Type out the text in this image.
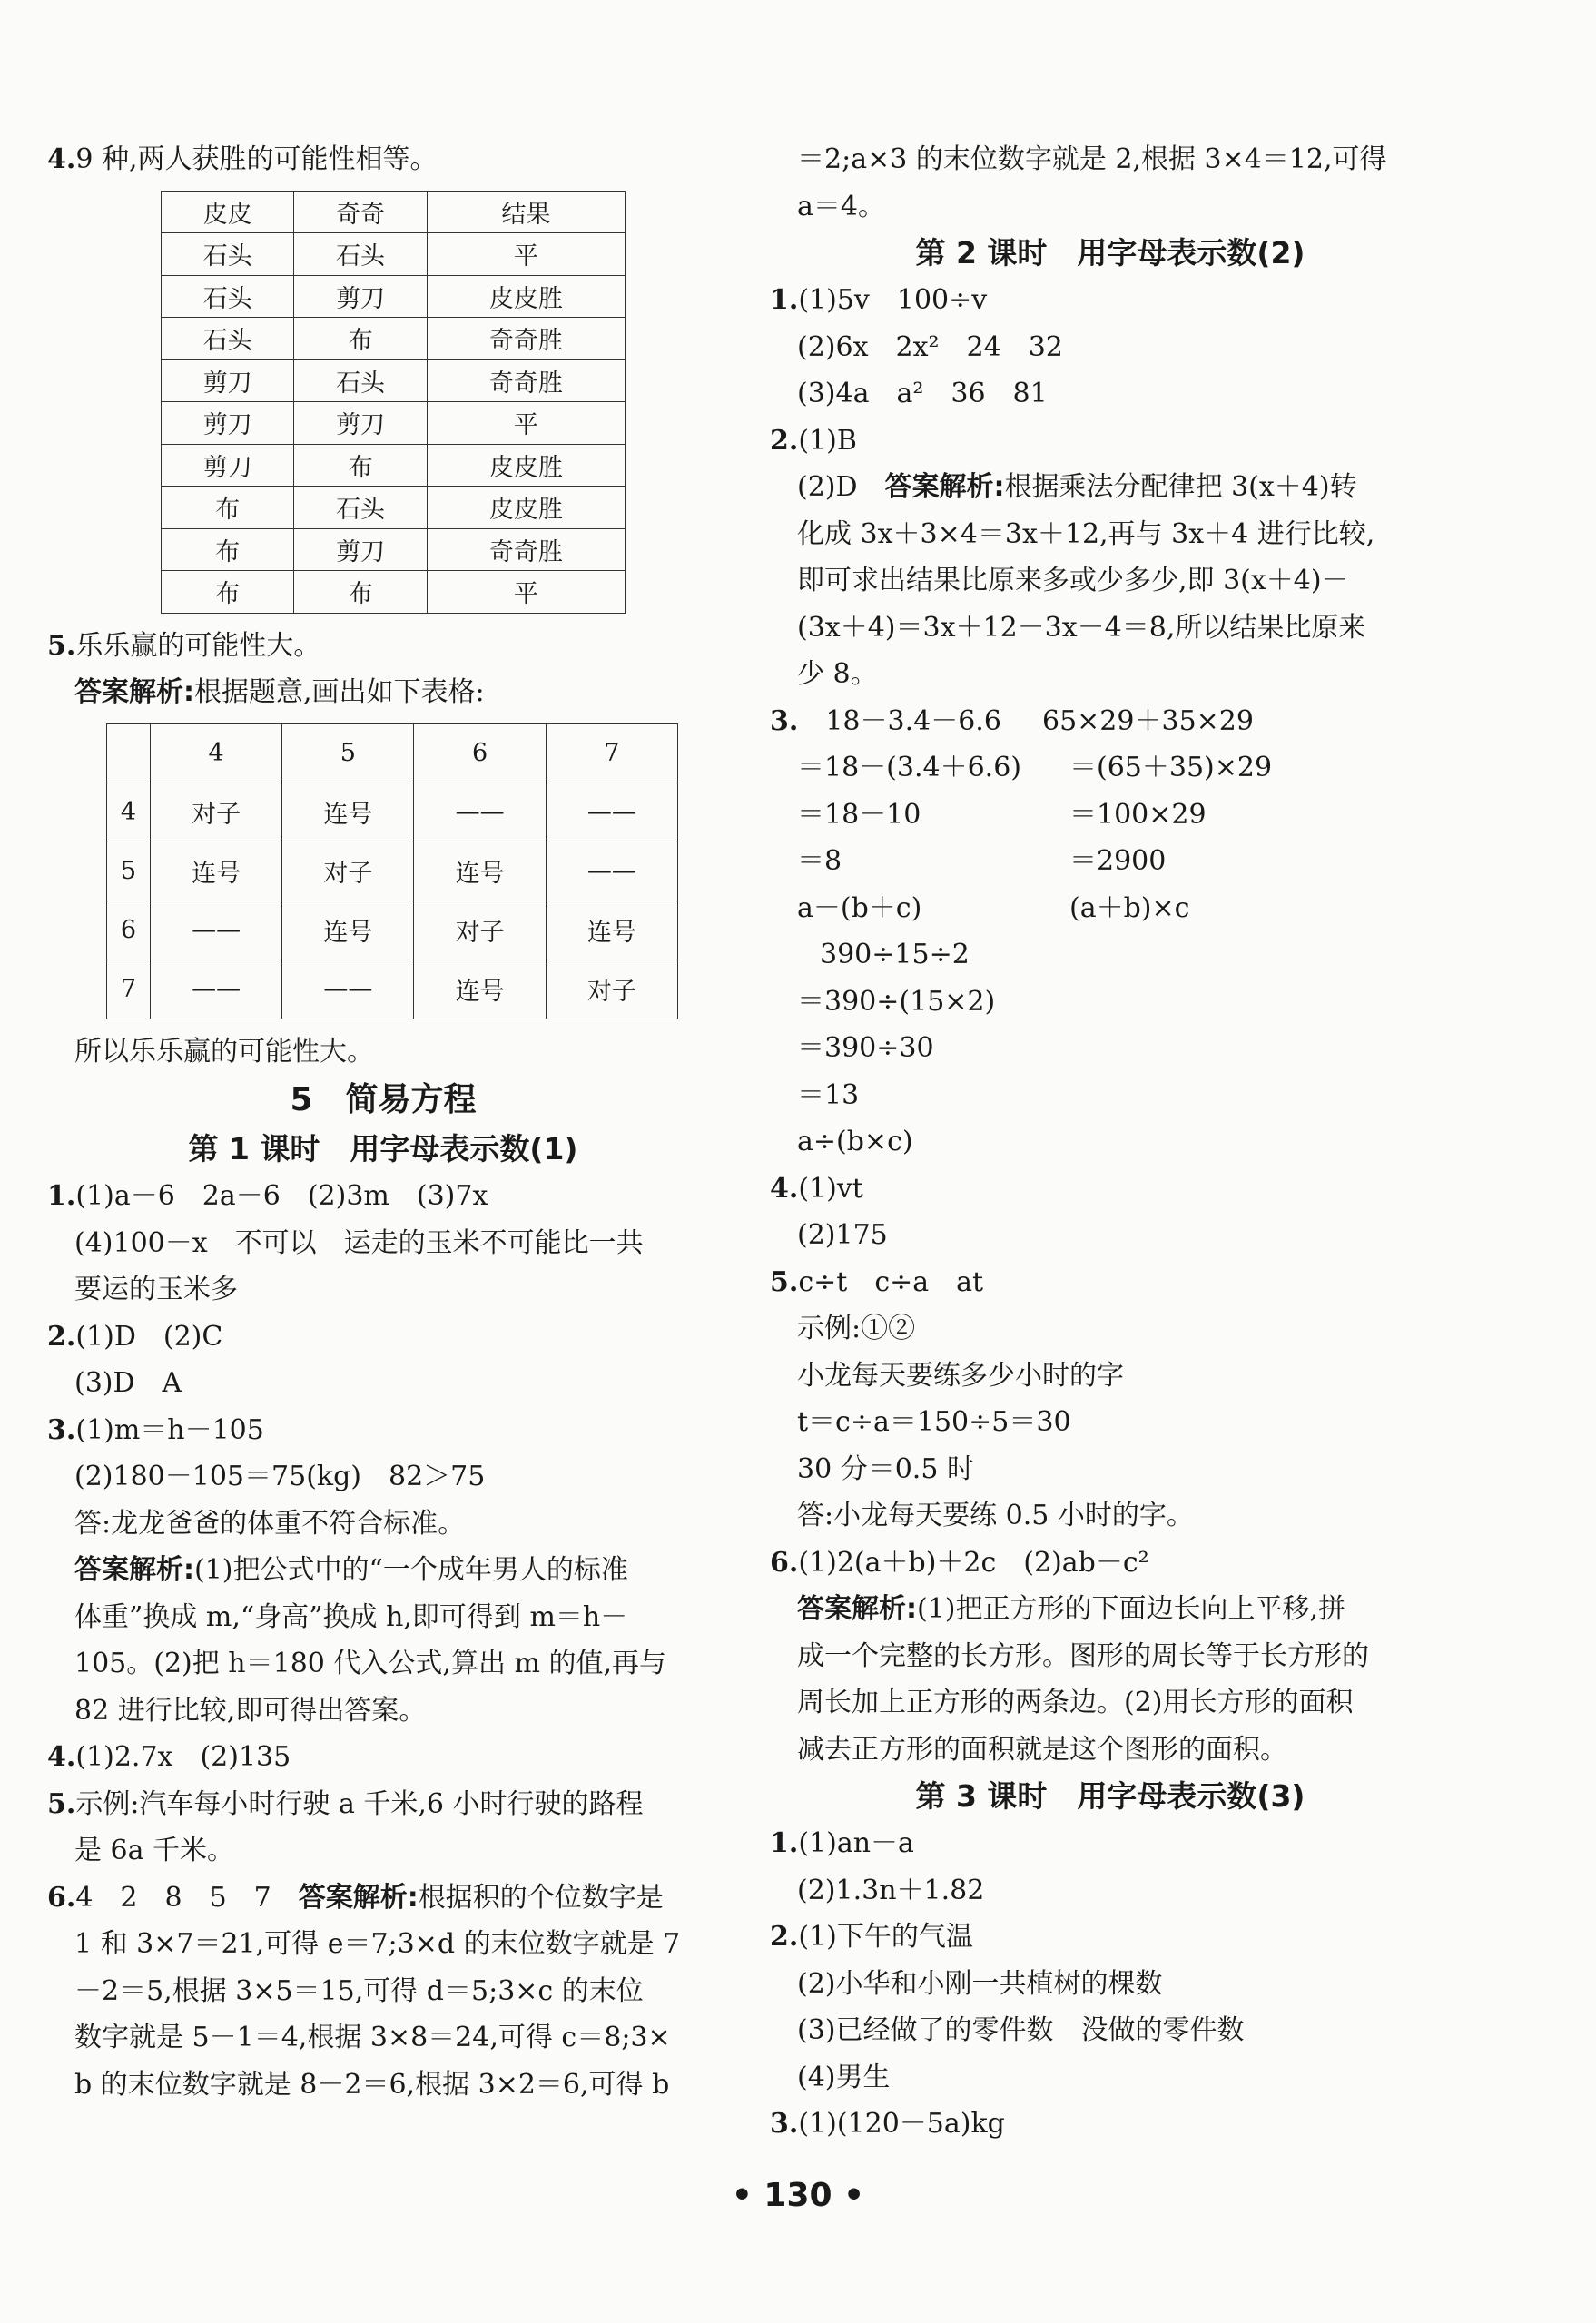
4.9 种,两人获胜的可能性相等。
皮皮	奇奇	结果
石头	石头	平
石头	剪刀	皮皮胜
石头	布	奇奇胜
剪刀	石头	奇奇胜
剪刀	剪刀	平
剪刀	布	皮皮胜
布	石头	皮皮胜
布	剪刀	奇奇胜
布	布	平
5.乐乐赢的可能性大。
答案解析:根据题意,画出如下表格:
	4	5	6	7
4	对子	连号	——	——
5	连号	对子	连号	——
6	——	连号	对子	连号
7	——	——	连号	对子
所以乐乐赢的可能性大。
5　简易方程
第 1 课时　用字母表示数(1)
1.(1)a－6　2a－6　(2)3m　(3)7x
(4)100－x　不可以　运走的玉米不可能比一共
要运的玉米多
2.(1)D　(2)C
(3)D　A
3.(1)m＝h－105
(2)180－105＝75(kg)　82＞75
答:龙龙爸爸的体重不符合标准。
答案解析:(1)把公式中的“一个成年男人的标准
体重”换成 m,“身高”换成 h,即可得到 m＝h－
105。(2)把 h＝180 代入公式,算出 m 的值,再与
82 进行比较,即可得出答案。
4.(1)2.7x　(2)135
5.示例:汽车每小时行驶 a 千米,6 小时行驶的路程
是 6a 千米。
6.4　2　8　5　7　答案解析:根据积的个位数字是
1 和 3×7＝21,可得 e＝7;3×d 的末位数字就是 7
－2＝5,根据 3×5＝15,可得 d＝5;3×c 的末位
数字就是 5－1＝4,根据 3×8＝24,可得 c＝8;3×
b 的末位数字就是 8－2＝6,根据 3×2＝6,可得 b
＝2;a×3 的末位数字就是 2,根据 3×4＝12,可得
a＝4。
第 2 课时　用字母表示数(2)
1.(1)5v　100÷v
(2)6x　2x²　24　32
(3)4a　a²　36　81
2.(1)B
(2)D　答案解析:根据乘法分配律把 3(x＋4)转
化成 3x＋3×4＝3x＋12,再与 3x＋4 进行比较,
即可求出结果比原来多或少多少,即 3(x＋4)－
(3x＋4)＝3x＋12－3x－4＝8,所以结果比原来
少 8。
3.　 18－3.4－6.6	65×29＋35×29
＝18－(3.4＋6.6)	＝(65＋35)×29
＝18－10	＝100×29
＝8	＝2900
a－(b＋c)	(a＋b)×c
390÷15÷2
＝390÷(15×2)
＝390÷30
＝13
a÷(b×c)
4.(1)vt
(2)175
5.c÷t　c÷a　at
示例:①②
小龙每天要练多少小时的字
t＝c÷a＝150÷5＝30
30 分＝0.5 时
答:小龙每天要练 0.5 小时的字。
6.(1)2(a＋b)＋2c　(2)ab－c²
答案解析:(1)把正方形的下面边长向上平移,拼
成一个完整的长方形。图形的周长等于长方形的
周长加上正方形的两条边。(2)用长方形的面积
减去正方形的面积就是这个图形的面积。
第 3 课时　用字母表示数(3)
1.(1)an－a
(2)1.3n＋1.82
2.(1)下午的气温
(2)小华和小刚一共植树的棵数
(3)已经做了的零件数　没做的零件数
(4)男生
3.(1)(120－5a)kg
• 130 •
